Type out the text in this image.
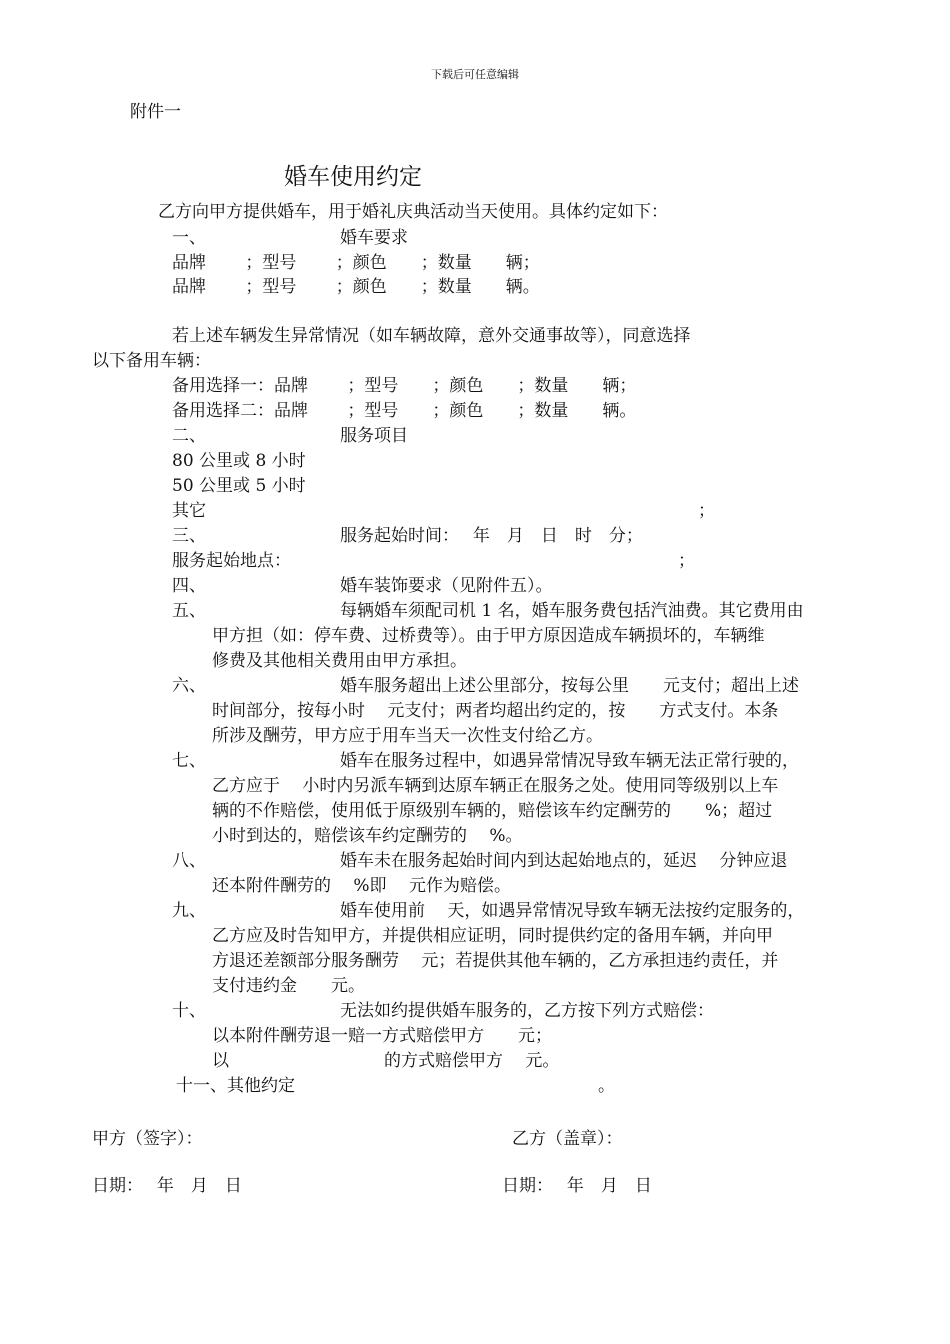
下载后可任意编辑
附件一
婚车使用约定
乙方向甲方提供婚车，用于婚礼庆典活动当天使用。具体约定如下：
一、	婚车要求
品牌　　 ；型号　　 ；颜色　　；数量　　辆；
品牌　　 ；型号　　 ；颜色　　；数量　　辆。
若上述车辆发生异常情况（如车辆故障，意外交通事故等），同意选择
以下备用车辆：
备用选择一：品牌　　 ；型号　　；颜色　　；数量　　辆；
备用选择二：品牌　　 ；型号　　；颜色　　；数量　　辆。
二、	服务项目
80 公里或 8 小时
50 公里或 5 小时
其它	；
三、	服务起始时间：　 年　月　日　时　分；
服务起始地点：	；
四、	婚车装饰要求（见附件五）。
五、	每辆婚车须配司机 1 名，婚车服务费包括汽油费。其它费用由
甲方担（如：停车费、过桥费等）。由于甲方原因造成车辆损坏的，车辆维
修费及其他相关费用由甲方承担。
六、	婚车服务超出上述公里部分，按每公里　　元支付；超出上述
时间部分，按每小时　 元支付；两者均超出约定的，按　　方式支付。本条
所涉及酬劳，甲方应于用车当天一次性支付给乙方。
七、	婚车在服务过程中，如遇异常情况导致车辆无法正常行驶的，
乙方应于　 小时内另派车辆到达原车辆正在服务之处。使用同等级别以上车
辆的不作赔偿，使用低于原级别车辆的，赔偿该车约定酬劳的　　%；超过
小时到达的，赔偿该车约定酬劳的　 %。
八、	婚车未在服务起始时间内到达起始地点的，延迟　 分钟应退
还本附件酬劳的　 %即　 元作为赔偿。
九、	婚车使用前　 天，如遇异常情况导致车辆无法按约定服务的，
乙方应及时告知甲方，并提供相应证明，同时提供约定的备用车辆，并向甲
方退还差额部分服务酬劳　 元；若提供其他车辆的，乙方承担违约责任，并
支付违约金　　元。
十、	无法如约提供婚车服务的，乙方按下列方式赔偿：
以本附件酬劳退一赔一方式赔偿甲方　　元；
以	的方式赔偿甲方　 元。
十一、其他约定	。
甲方（签字）：	乙方（盖章）：
日期：　 年　月　日	日期：　 年　月　日
